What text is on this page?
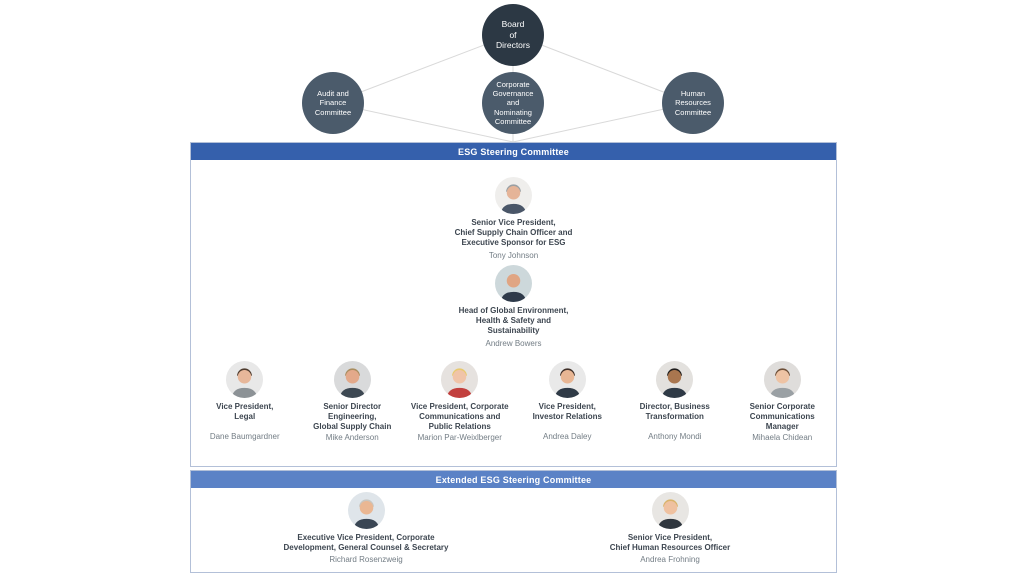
Board
of
Directors
Audit and
Finance
Committee
Corporate
Governance
and
Nominating
Committee
Human
Resources
Committee
ESG Steering Committee
Senior Vice President,
Chief Supply Chain Officer and
Executive Sponsor for ESG
Tony Johnson
Head of Global Environment,
Health & Safety and
Sustainability
Andrew Bowers
Vice President,
Legal
Dane Baumgardner
Senior Director Engineering,
Global Supply Chain
Mike Anderson
Vice President, Corporate
Communications and
Public Relations
Marion Par-Weixlberger
Vice President,
Investor Relations
Andrea Daley
Director, Business
Transformation
Anthony Mondi
Senior Corporate
Communications
Manager
Mihaela Chidean
Extended ESG Steering Committee
Executive Vice President, Corporate
Development, General Counsel & Secretary
Richard Rosenzweig
Senior Vice President,
Chief Human Resources Officer
Andrea Frohning
